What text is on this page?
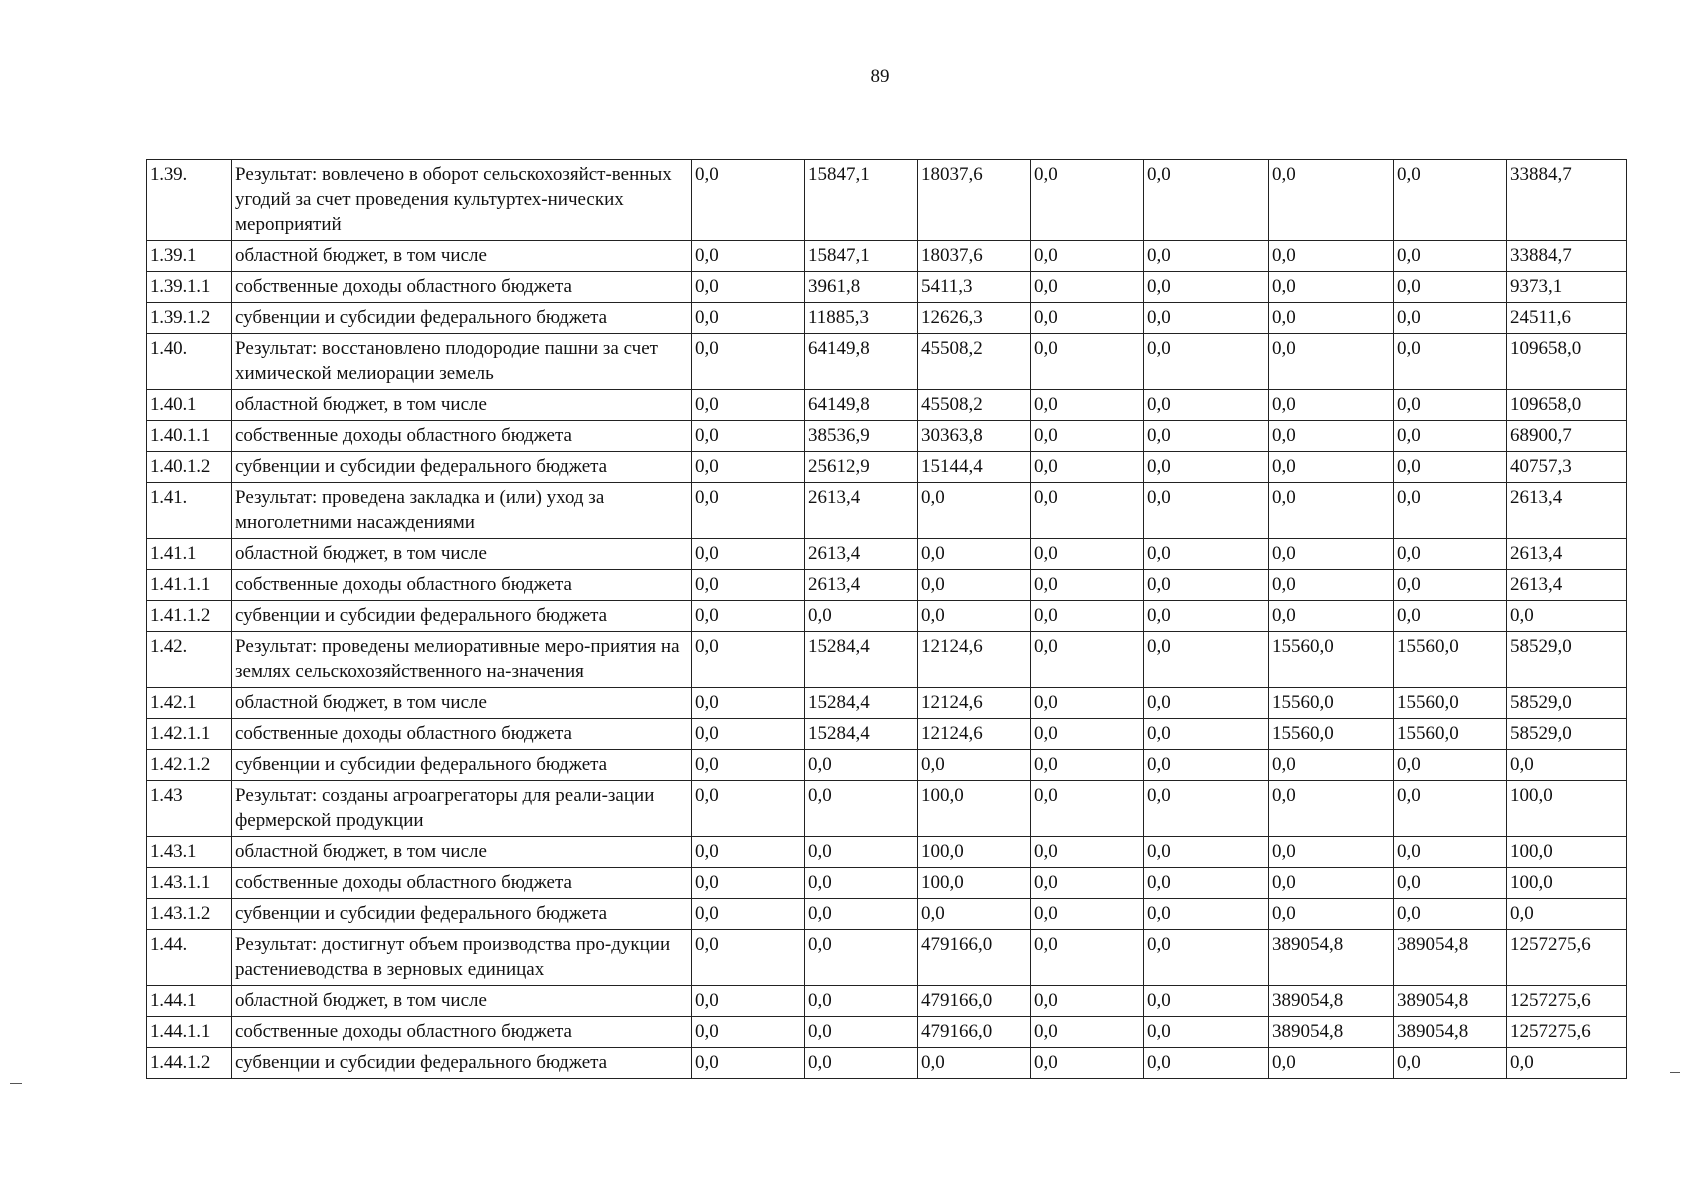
89
1.39.	Результат: вовлечено в оборот сельскохозяйст-венных угодий за счет проведения культуртех-нических мероприятий	0,0	15847,1	18037,6	0,0	0,0	0,0	0,0	33884,7
1.39.1	областной бюджет, в том числе	0,0	15847,1	18037,6	0,0	0,0	0,0	0,0	33884,7
1.39.1.1	собственные доходы областного бюджета	0,0	3961,8	5411,3	0,0	0,0	0,0	0,0	9373,1
1.39.1.2	субвенции и субсидии федерального бюджета	0,0	11885,3	12626,3	0,0	0,0	0,0	0,0	24511,6
1.40.	Результат: восстановлено плодородие пашни за счет химической мелиорации земель	0,0	64149,8	45508,2	0,0	0,0	0,0	0,0	109658,0
1.40.1	областной бюджет, в том числе	0,0	64149,8	45508,2	0,0	0,0	0,0	0,0	109658,0
1.40.1.1	собственные доходы областного бюджета	0,0	38536,9	30363,8	0,0	0,0	0,0	0,0	68900,7
1.40.1.2	субвенции и субсидии федерального бюджета	0,0	25612,9	15144,4	0,0	0,0	0,0	0,0	40757,3
1.41.	Результат: проведена закладка и (или) уход за многолетними насаждениями	0,0	2613,4	0,0	0,0	0,0	0,0	0,0	2613,4
1.41.1	областной бюджет, в том числе	0,0	2613,4	0,0	0,0	0,0	0,0	0,0	2613,4
1.41.1.1	собственные доходы областного бюджета	0,0	2613,4	0,0	0,0	0,0	0,0	0,0	2613,4
1.41.1.2	субвенции и субсидии федерального бюджета	0,0	0,0	0,0	0,0	0,0	0,0	0,0	0,0
1.42.	Результат: проведены мелиоративные меро-приятия на землях сельскохозяйственного на-значения	0,0	15284,4	12124,6	0,0	0,0	15560,0	15560,0	58529,0
1.42.1	областной бюджет, в том числе	0,0	15284,4	12124,6	0,0	0,0	15560,0	15560,0	58529,0
1.42.1.1	собственные доходы областного бюджета	0,0	15284,4	12124,6	0,0	0,0	15560,0	15560,0	58529,0
1.42.1.2	субвенции и субсидии федерального бюджета	0,0	0,0	0,0	0,0	0,0	0,0	0,0	0,0
1.43	Результат: созданы агроагрегаторы для реали-зации фермерской продукции	0,0	0,0	100,0	0,0	0,0	0,0	0,0	100,0
1.43.1	областной бюджет, в том числе	0,0	0,0	100,0	0,0	0,0	0,0	0,0	100,0
1.43.1.1	собственные доходы областного бюджета	0,0	0,0	100,0	0,0	0,0	0,0	0,0	100,0
1.43.1.2	субвенции и субсидии федерального бюджета	0,0	0,0	0,0	0,0	0,0	0,0	0,0	0,0
1.44.	Результат: достигнут объем производства про-дукции растениеводства в зерновых единицах	0,0	0,0	479166,0	0,0	0,0	389054,8	389054,8	1257275,6
1.44.1	областной бюджет, в том числе	0,0	0,0	479166,0	0,0	0,0	389054,8	389054,8	1257275,6
1.44.1.1	собственные доходы областного бюджета	0,0	0,0	479166,0	0,0	0,0	389054,8	389054,8	1257275,6
1.44.1.2	субвенции и субсидии федерального бюджета	0,0	0,0	0,0	0,0	0,0	0,0	0,0	0,0
